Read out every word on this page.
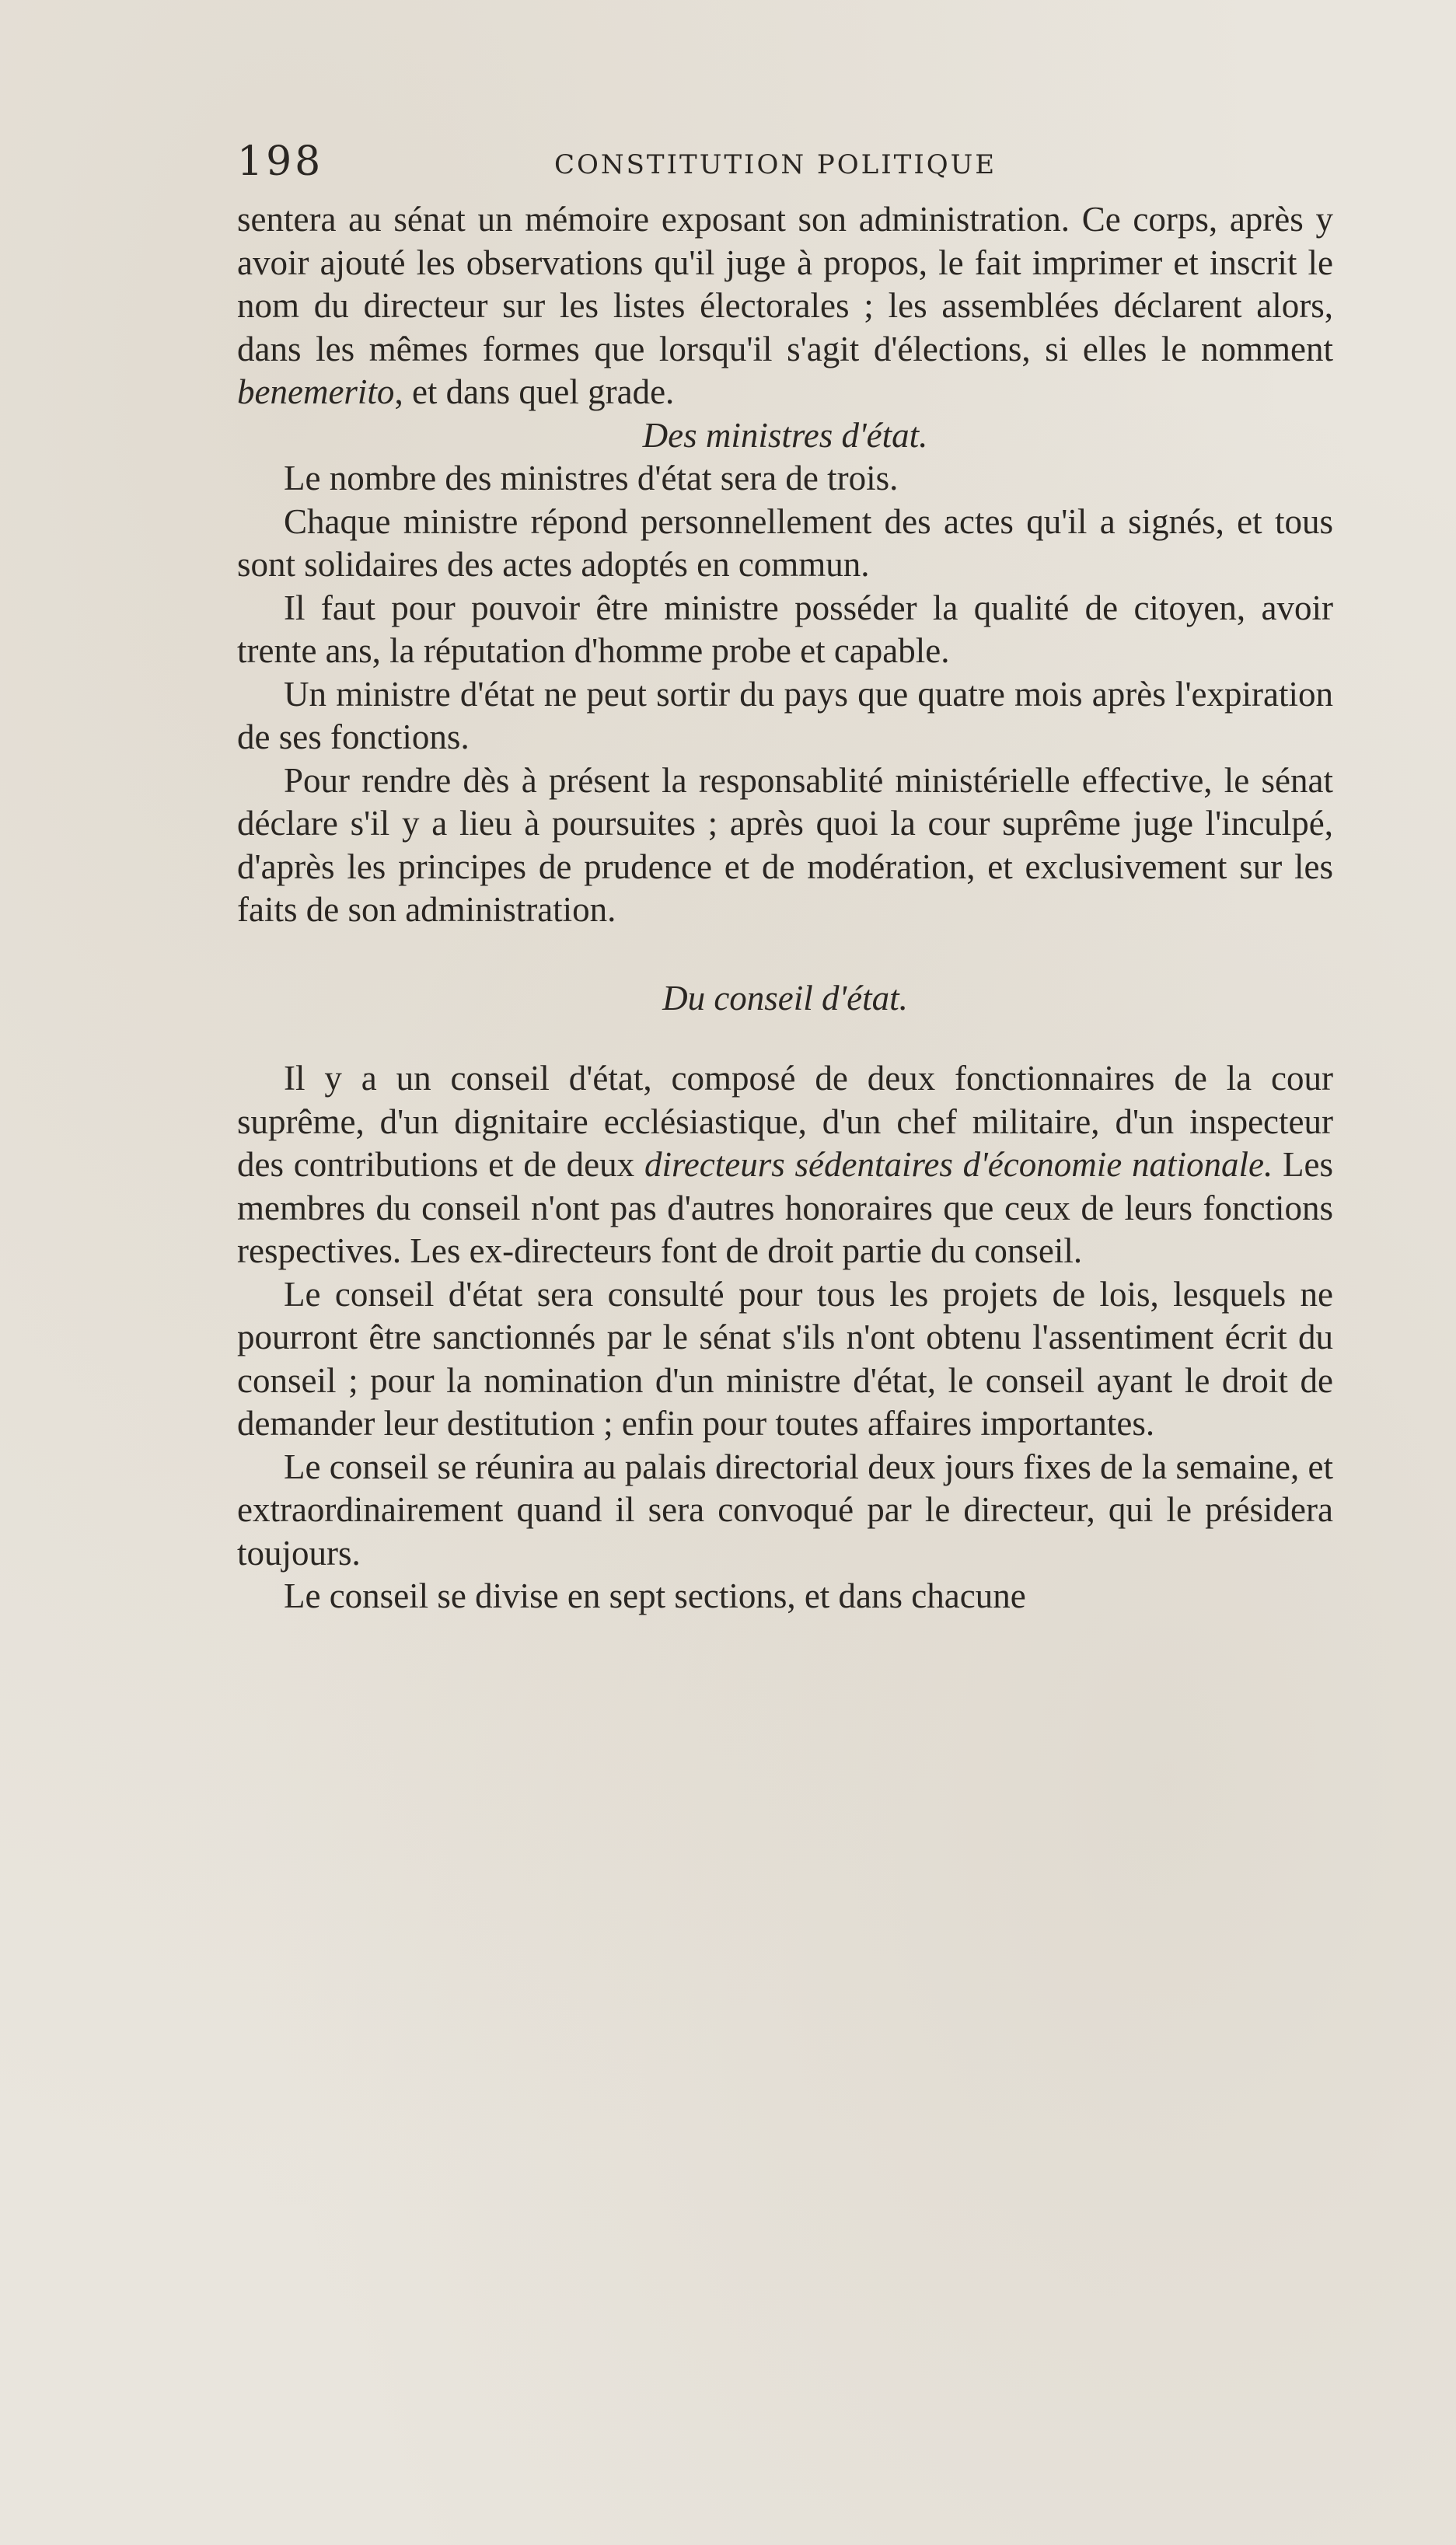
198	CONSTITUTION POLITIQUE

sentera au sénat un mémoire exposant son administration. Ce corps, après y avoir ajouté les observations qu'il juge à propos, le fait imprimer et inscrit le nom du directeur sur les listes électorales ; les assemblées déclarent alors, dans les mêmes formes que lorsqu'il s'agit d'élections, si elles le nomment benemerito, et dans quel grade.

Des ministres d'état.

Le nombre des ministres d'état sera de trois.

Chaque ministre répond personnellement des actes qu'il a signés, et tous sont solidaires des actes adoptés en commun.

Il faut pour pouvoir être ministre posséder la qualité de citoyen, avoir trente ans, la réputation d'homme probe et capable.

Un ministre d'état ne peut sortir du pays que quatre mois après l'expiration de ses fonctions.

Pour rendre dès à présent la responsablité ministérielle effective, le sénat déclare s'il y a lieu à poursuites ; après quoi la cour suprême juge l'inculpé, d'après les principes de prudence et de modération, et exclusivement sur les faits de son administration.

Du conseil d'état.

Il y a un conseil d'état, composé de deux fonctionnaires de la cour suprême, d'un dignitaire ecclésiastique, d'un chef militaire, d'un inspecteur des contributions et de deux directeurs sédentaires d'économie nationale. Les membres du conseil n'ont pas d'autres honoraires que ceux de leurs fonctions respectives. Les ex-directeurs font de droit partie du conseil.

Le conseil d'état sera consulté pour tous les projets de lois, lesquels ne pourront être sanctionnés par le sénat s'ils n'ont obtenu l'assentiment écrit du conseil ; pour la nomination d'un ministre d'état, le conseil ayant le droit de demander leur destitution ; enfin pour toutes affaires importantes.

Le conseil se réunira au palais directorial deux jours fixes de la semaine, et extraordinairement quand il sera convoqué par le directeur, qui le présidera toujours.

Le conseil se divise en sept sections, et dans chacune
